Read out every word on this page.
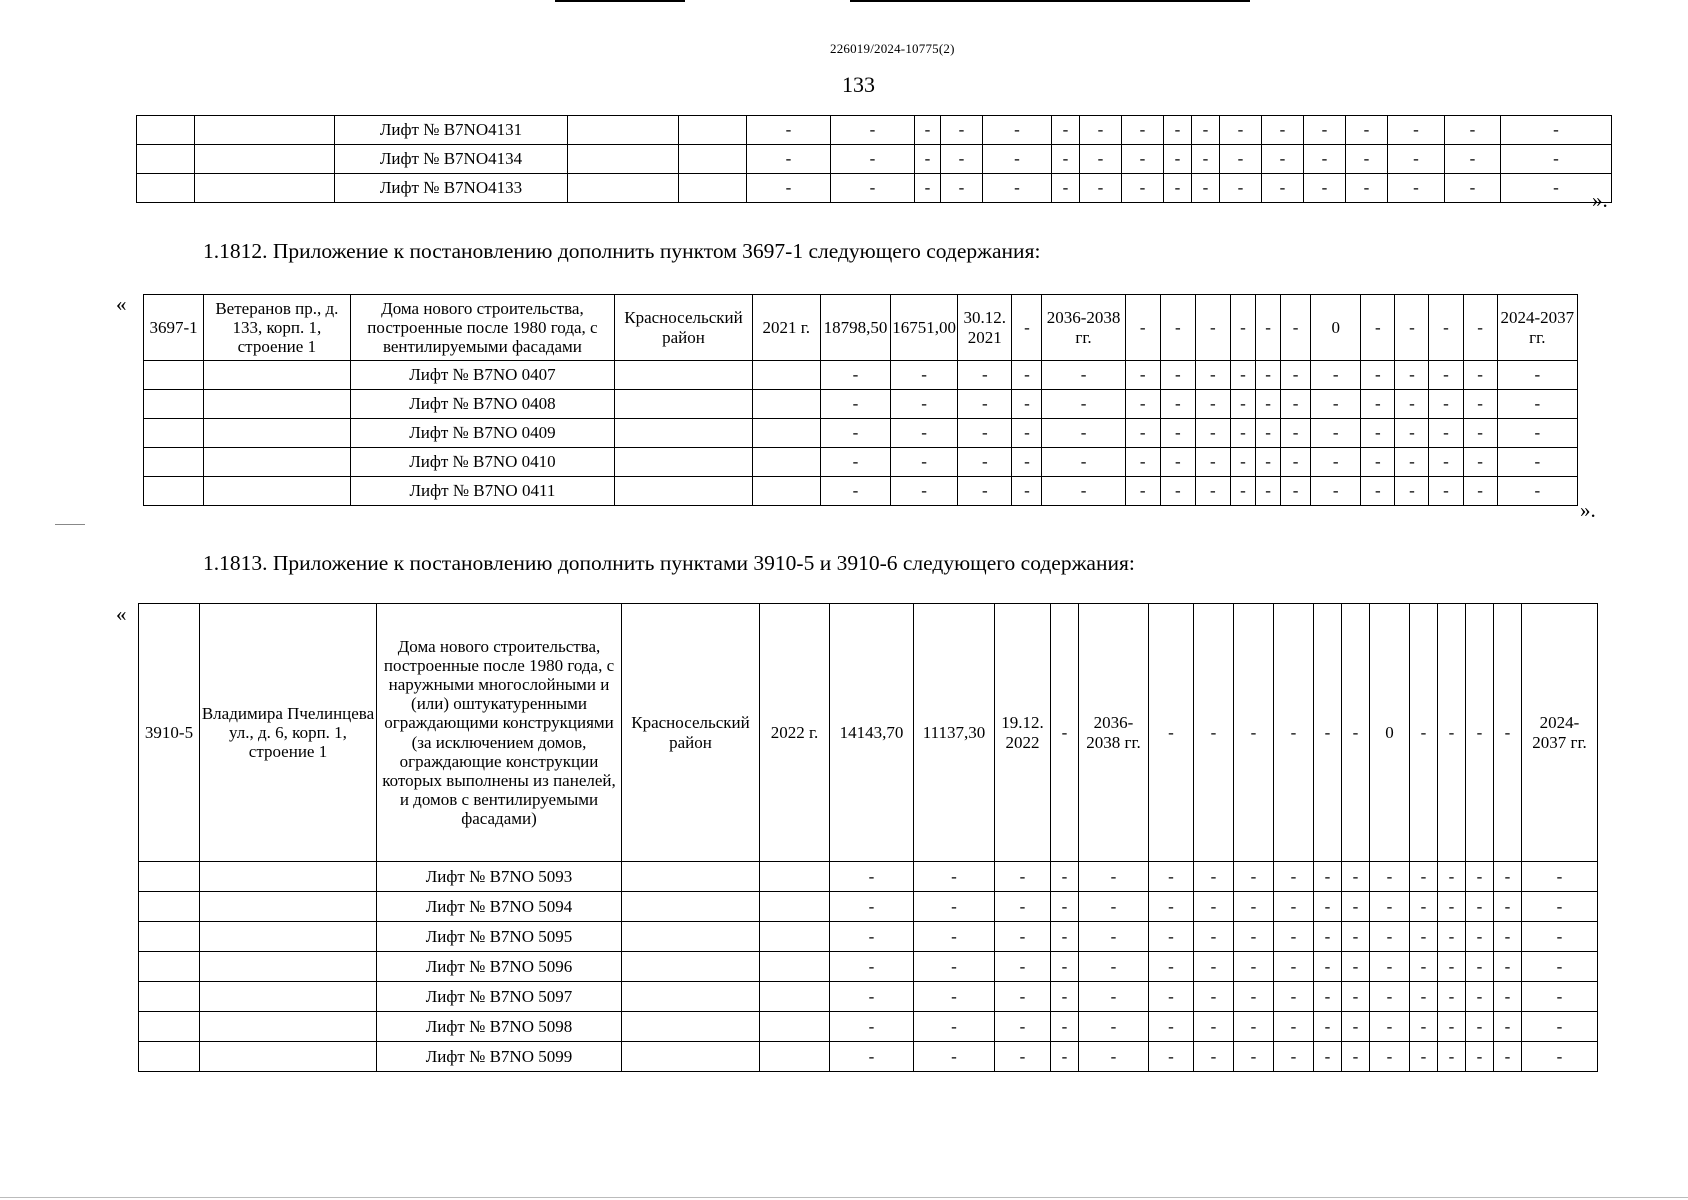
226019/2024-10775(2)
133
		Лифт № B7NO4131			-	-	-	-	-	-	-	-	-	-	-	-	-	-	-	-	-
		Лифт № B7NO4134			-	-	-	-	-	-	-	-	-	-	-	-	-	-	-	-	-
		Лифт № B7NO4133			-	-	-	-	-	-	-	-	-	-	-	-	-	-	-	-	-
».
1.1812. Приложение к постановлению дополнить пунктом 3697-1 следующего содержания:
«
3697-1	Ветеранов пр., д. 133, корп. 1, строение 1	Дома нового строительства, построенные после 1980 года, с вентилируемыми фасадами	Красносельский район	2021 г.	18798,50	16751,00	30.12. 2021	-	2036-2038 гг.	-	-	-	-	-	-	0	-	-	-	-	2024-2037 гг.
		Лифт № B7NO 0407			-	-	-	-	-	-	-	-	-	-	-	-	-	-	-	-	-
		Лифт № B7NO 0408			-	-	-	-	-	-	-	-	-	-	-	-	-	-	-	-	-
		Лифт № B7NO 0409			-	-	-	-	-	-	-	-	-	-	-	-	-	-	-	-	-
		Лифт № B7NO 0410			-	-	-	-	-	-	-	-	-	-	-	-	-	-	-	-	-
		Лифт № B7NO 0411			-	-	-	-	-	-	-	-	-	-	-	-	-	-	-	-	-
».
1.1813. Приложение к постановлению дополнить пунктами 3910-5 и 3910-6 следующего содержания:
«
3910-5	Владимира Пчелинцева ул., д. 6, корп. 1, строение 1	Дома нового строительства, построенные после 1980 года, с наружными многослойными и (или) оштукатуренными ограждающими конструкциями (за исключением домов, ограждающие конструкции которых выполнены из панелей, и домов с вентилируемыми фасадами)	Красносельский район	2022 г.	14143,70	11137,30	19.12. 2022	-	2036-2038 гг.	-	-	-	-	-	-	0	-	-	-	-	2024-2037 гг.
		Лифт № B7NO 5093			-	-	-	-	-	-	-	-	-	-	-	-	-	-	-	-	-
		Лифт № B7NO 5094			-	-	-	-	-	-	-	-	-	-	-	-	-	-	-	-	-
		Лифт № B7NO 5095			-	-	-	-	-	-	-	-	-	-	-	-	-	-	-	-	-
		Лифт № B7NO 5096			-	-	-	-	-	-	-	-	-	-	-	-	-	-	-	-	-
		Лифт № B7NO 5097			-	-	-	-	-	-	-	-	-	-	-	-	-	-	-	-	-
		Лифт № B7NO 5098			-	-	-	-	-	-	-	-	-	-	-	-	-	-	-	-	-
		Лифт № B7NO 5099			-	-	-	-	-	-	-	-	-	-	-	-	-	-	-	-	-
